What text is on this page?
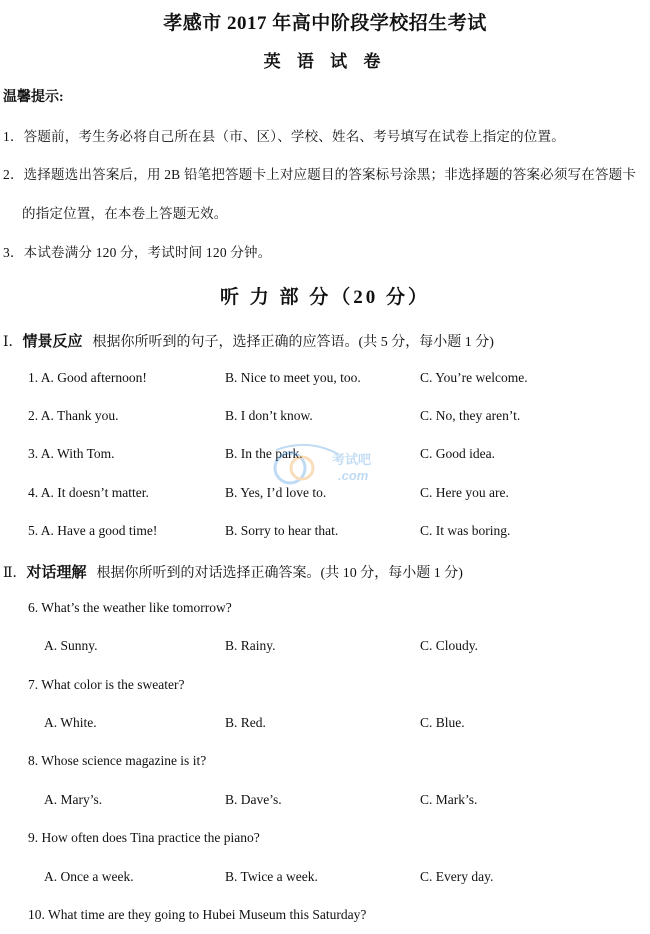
孝感市 2017 年高中阶段学校招生考试
英 语 试 卷
温馨提示:
1．答题前，考生务必将自己所在县（市、区）、学校、姓名、考号填写在试卷上指定的位置。
2．选择题选出答案后，用 2B 铅笔把答题卡上对应题目的答案标号涂黑；非选择题的答案必须写在答题卡
的指定位置，在本卷上答题无效。
3．本试卷满分 120 分，考试时间 120 分钟。
听 力 部 分（20 分）
Ⅰ．情景反应 根据你所听到的句子，选择正确的应答语。(共 5 分，每小题 1 分)
1. A. Good afternoon!	B. Nice to meet you, too.	C. You’re welcome.
2. A. Thank you.	B. I don’t know.	C. No, they aren’t.
3. A. With Tom.	B. In the park.	C. Good idea.
4. A. It doesn’t matter.	B. Yes, I’d love to.	C. Here you are.
5. A. Have a good time!	B. Sorry to hear that.	C. It was boring.
Ⅱ．对话理解 根据你所听到的对话选择正确答案。(共 10 分，每小题 1 分)
6. What’s the weather like tomorrow?
A. Sunny.	B. Rainy.	C. Cloudy.
7. What color is the sweater?
A. White.	B. Red.	C. Blue.
8. Whose science magazine is it?
A. Mary’s.	B. Dave’s.	C. Mark’s.
9. How often does Tina practice the piano?
A. Once a week.	B. Twice a week.	C. Every day.
10. What time are they going to Hubei Museum this Saturday?
考试吧
.com
